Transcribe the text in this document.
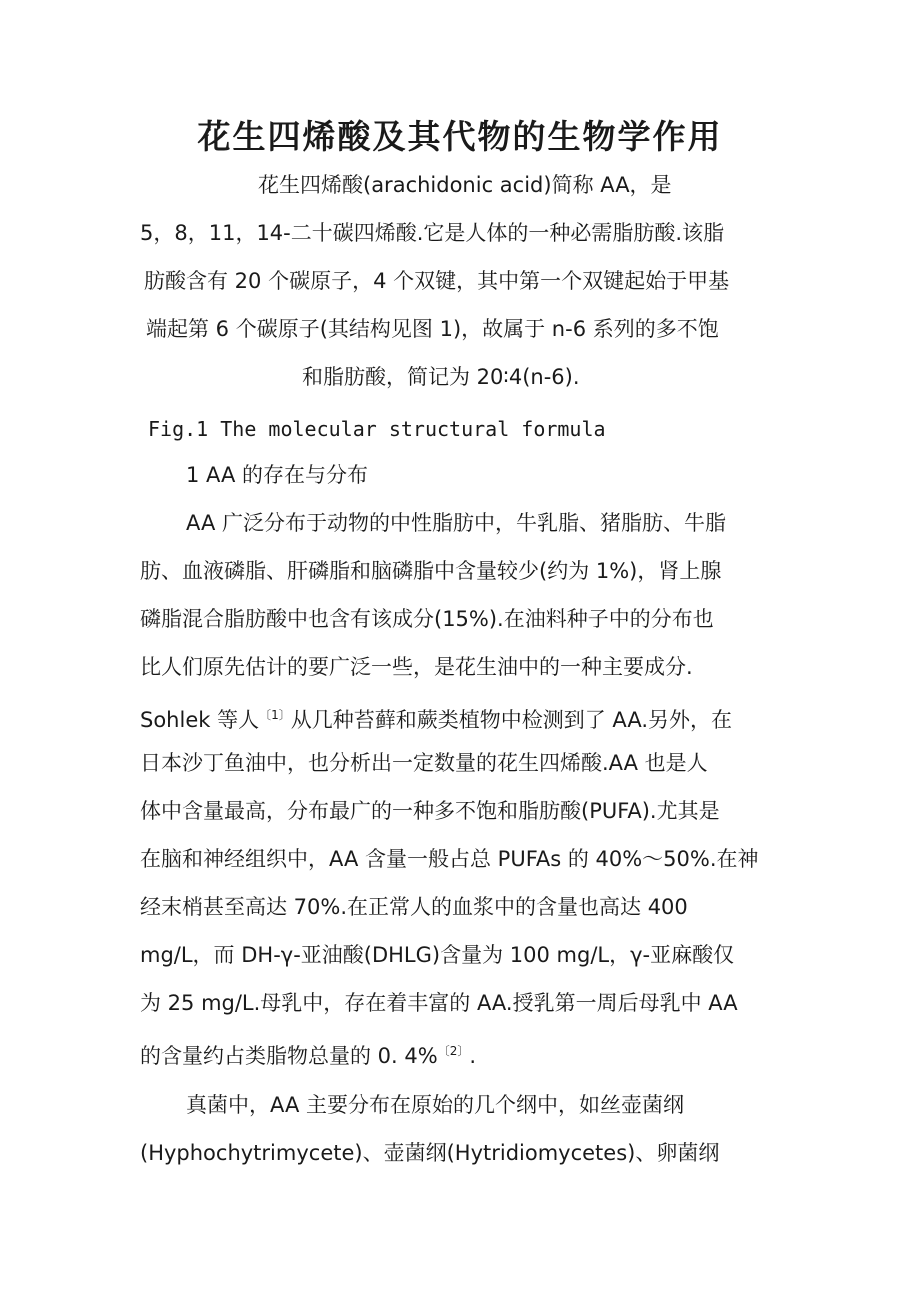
花生四烯酸及其代物的生物学作用
花生四烯酸(arachidonic acid)简称 AA，是
5，8，11，14-二十碳四烯酸.它是人体的一种必需脂肪酸.该脂
肪酸含有 20 个碳原子，4 个双键，其中第一个双键起始于甲基
端起第 6 个碳原子(其结构见图 1)，故属于 n-6 系列的多不饱
和脂肪酸，简记为 20∶4(n-6).
Fig.1 The molecular structural formula
1 AA 的存在与分布
AA 广泛分布于动物的中性脂肪中，牛乳脂、猪脂肪、牛脂
肪、血液磷脂、肝磷脂和脑磷脂中含量较少(约为 1%)，肾上腺
磷脂混合脂肪酸中也含有该成分(15%).在油料种子中的分布也
比人们原先估计的要广泛一些，是花生油中的一种主要成分.
Sohlek 等人$^{〔1〕}$从几种苔藓和蕨类植物中检测到了 AA.另外，在
日本沙丁鱼油中，也分析出一定数量的花生四烯酸.AA 也是人
体中含量最高，分布最广的一种多不饱和脂肪酸(PUFA).尤其是
在脑和神经组织中，AA 含量一般占总 PUFAs 的 40%～50%.在神
经末梢甚至高达 70%.在正常人的血浆中的含量也高达 400
mg/L，而 DH-γ-亚油酸(DHLG)含量为 100 mg/L，γ-亚麻酸仅
为 25 mg/L.母乳中，存在着丰富的 AA.授乳第一周后母乳中 AA
的含量约占类脂物总量的 0. 4%$^{〔2〕}$.
真菌中，AA 主要分布在原始的几个纲中，如丝壶菌纲
(Hyphochytrimycete)、壶菌纲(Hytridiomycetes)、卵菌纲
